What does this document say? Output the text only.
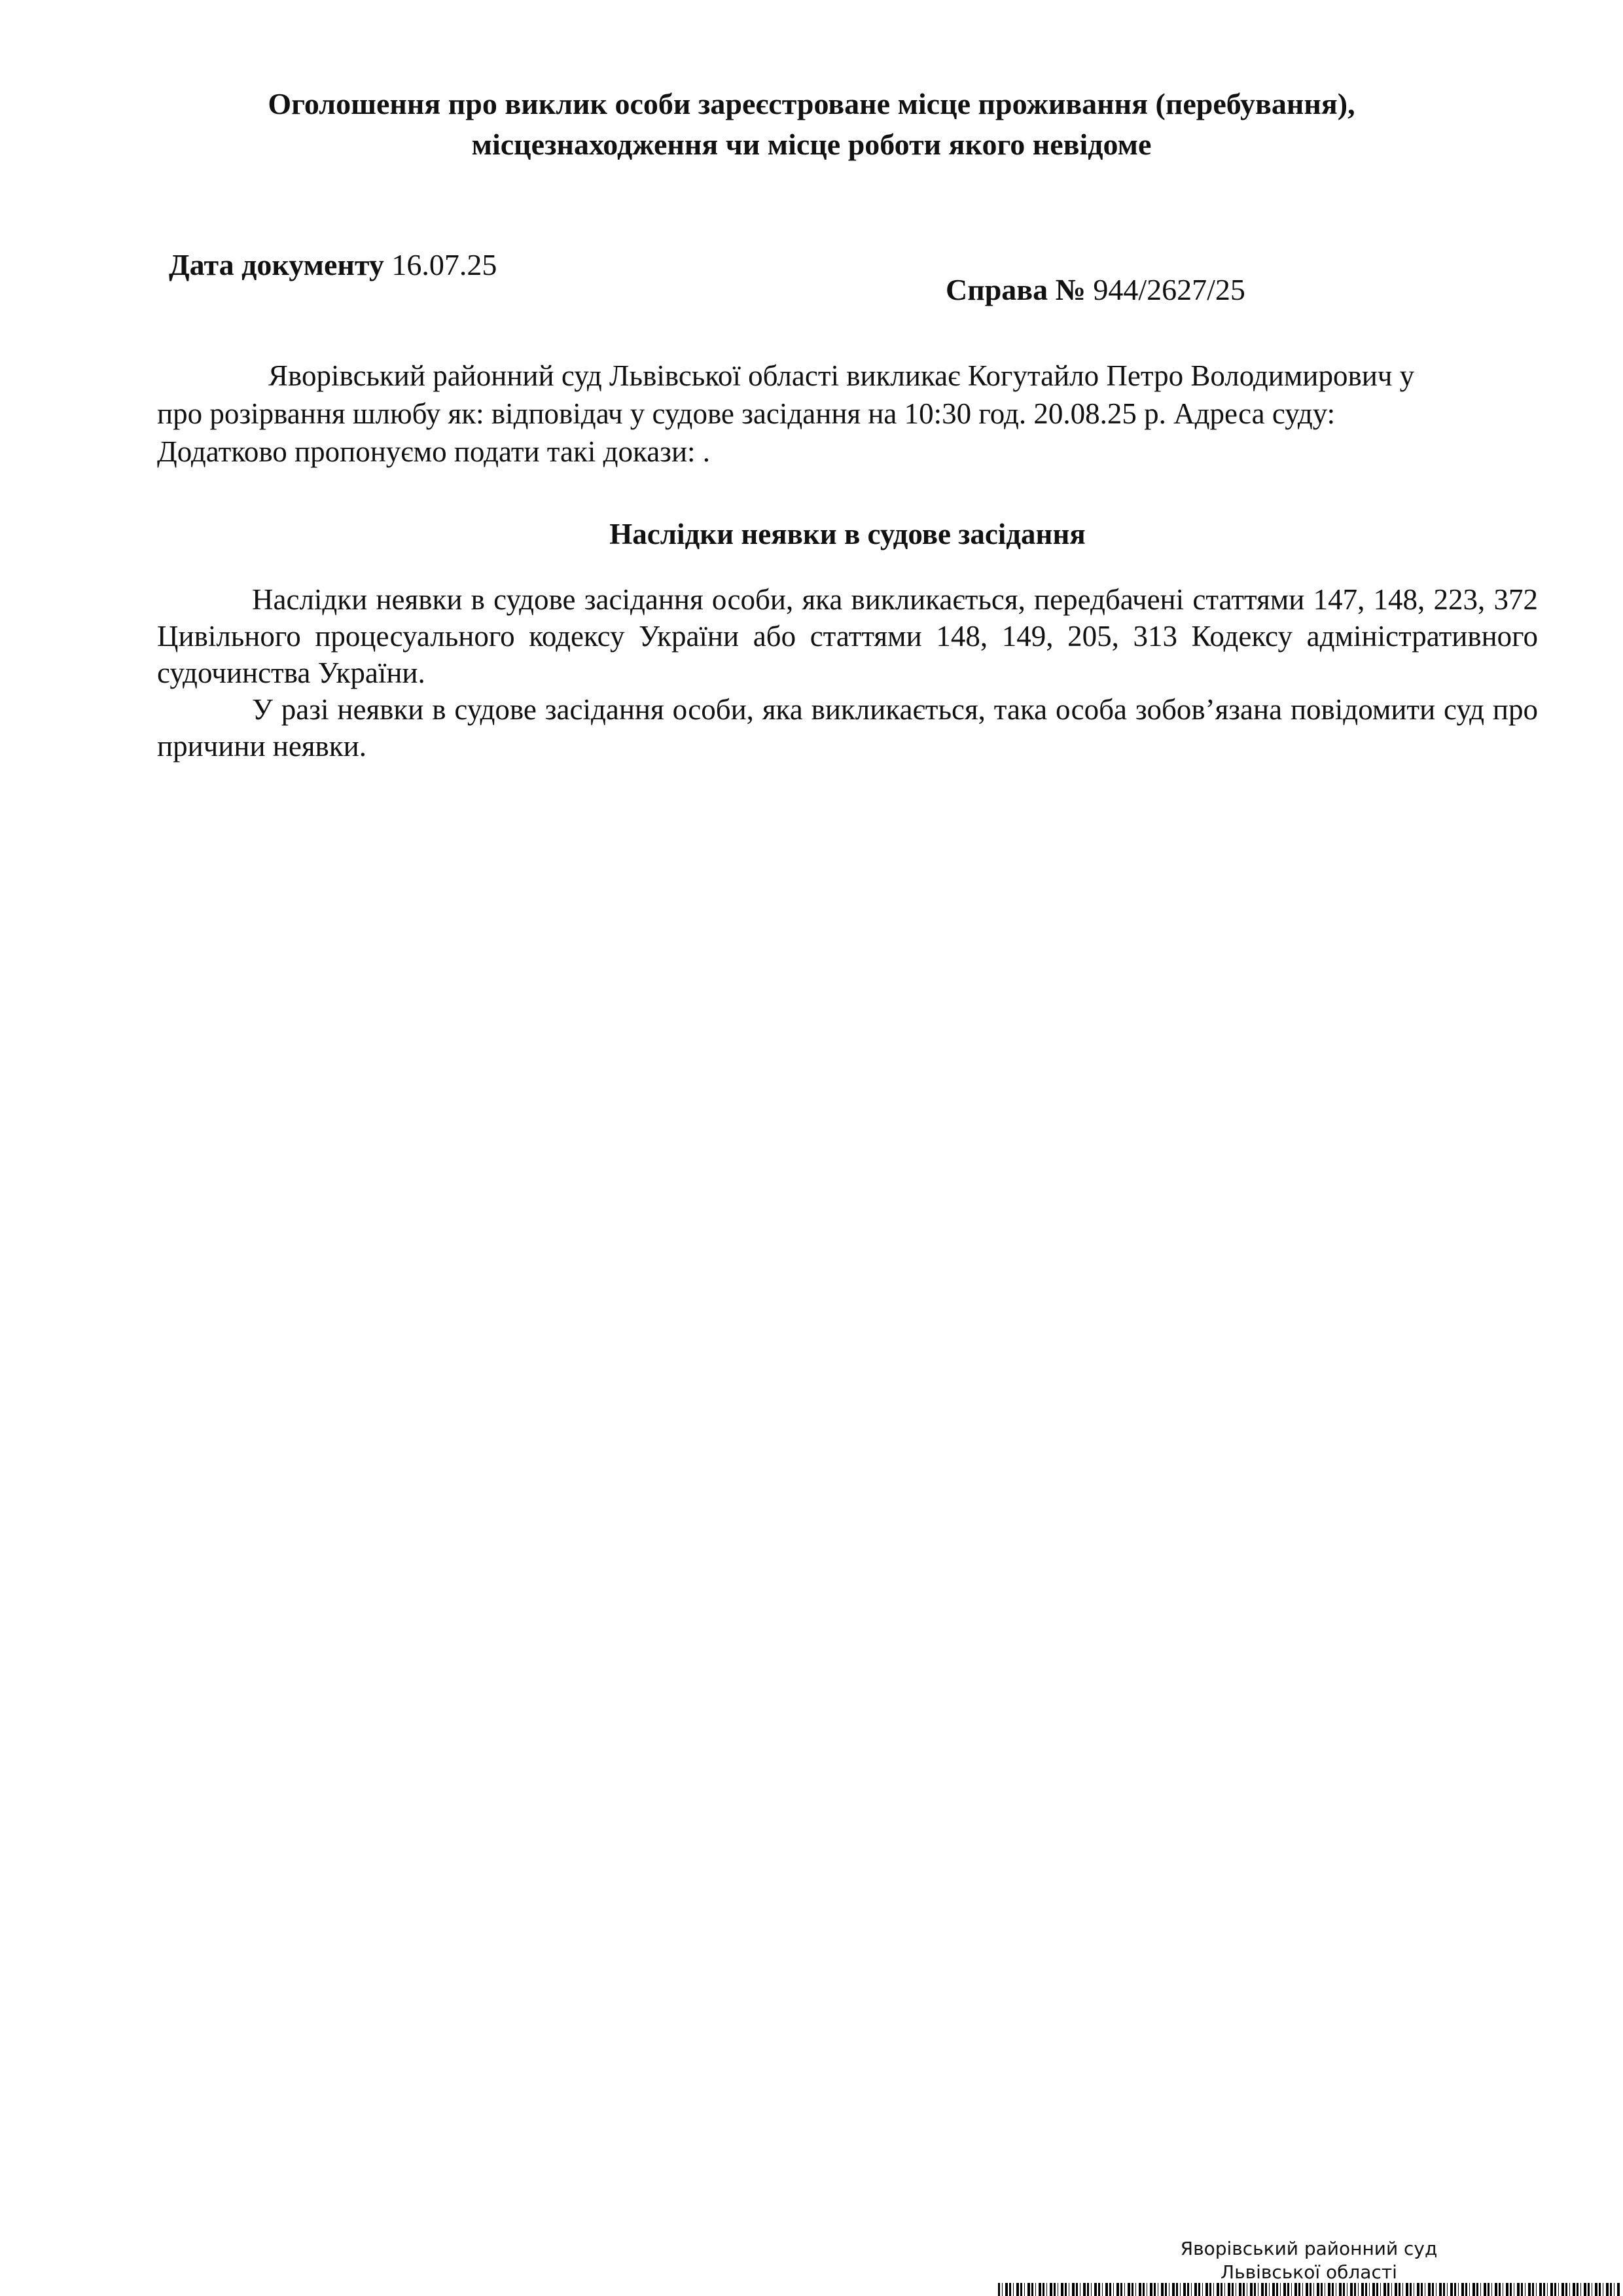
Оголошення про виклик особи зареєстроване місце проживання (перебування),
місцезнаходження чи місце роботи якого невідоме
Дата документу 16.07.25
Справа № 944/2627/25
Яворівський районний суд Львівської області викликає Когутайло Петро Володимирович у
про розірвання шлюбу як: відповідач у судове засідання на 10:30 год. 20.08.25 р. Адреса суду:
Додатково пропонуємо подати такі докази: .
Наслідки неявки в судове засідання

Наслідки неявки в судове засідання особи, яка викликається, передбачені статтями 147, 148, 223, 372 Цивільного процесуального кодексу України або статтями 148, 149, 205, 313 Кодексу адміністративного судочинства України.

У разі неявки в судове засідання особи, яка викликається, така особа зобов’язана повідомити суд про причини неявки.

Яворівський районний суд
Львівської області
